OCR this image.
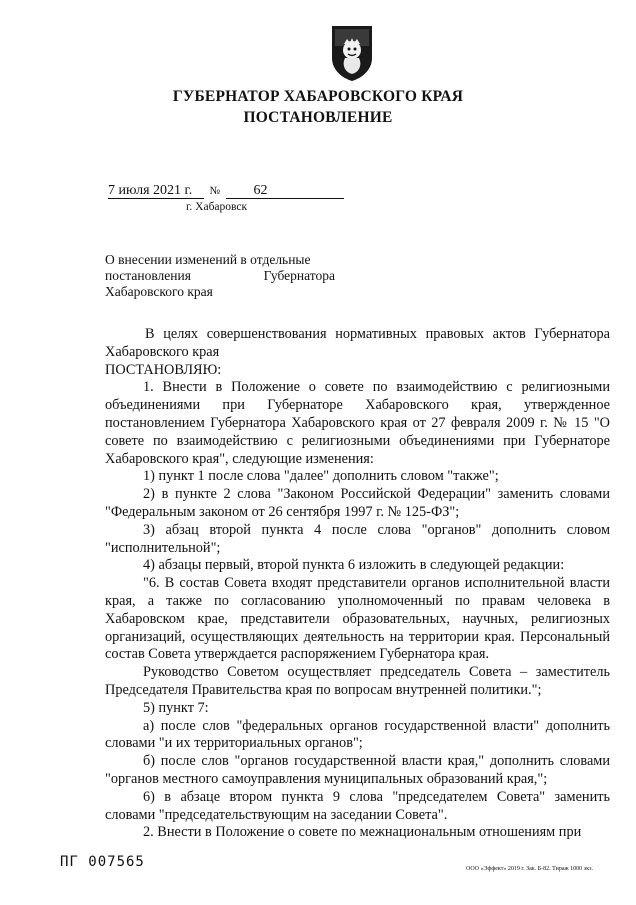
ГУБЕРНАТОР ХАБАРОВСКОГО КРАЯ
ПОСТАНОВЛЕНИЕ
7 июля 2021 г. № 62
г. Хабаровск
О внесении изменений в отдельные
постановления	Губернатора
Хабаровского края

В целях совершенствования нормативных правовых актов Губернатора Хабаровского края

ПОСТАНОВЛЯЮ:

1. Внести в Положение о совете по взаимодействию с религиозными объединениями при Губернаторе Хабаровского края, утвержденное постановлением Губернатора Хабаровского края от 27 февраля 2009 г. № 15 "О совете по взаимодействию с религиозными объединениями при Губернаторе Хабаровского края", следующие изменения:

1) пункт 1 после слова "далее" дополнить словом "также";

2) в пункте 2 слова "Законом Российской Федерации" заменить словами "Федеральным законом от 26 сентября 1997 г. № 125-ФЗ";

3) абзац второй пункта 4 после слова "органов" дополнить словом "исполнительной";

4) абзацы первый, второй пункта 6 изложить в следующей редакции:

"6. В состав Совета входят представители органов исполнительной власти края, а также по согласованию уполномоченный по правам человека в Хабаровском крае, представители образовательных, научных, религиозных организаций, осуществляющих деятельность на территории края. Персональный состав Совета утверждается распоряжением Губернатора края.

Руководство Советом осуществляет председатель Совета – заместитель Председателя Правительства края по вопросам внутренней политики.";

5) пункт 7:

а) после слов "федеральных органов государственной власти" дополнить словами "и их территориальных органов";

б) после слов "органов государственной власти края," дополнить словами "органов местного самоуправления муниципальных образований края,";

6) в абзаце втором пункта 9 слова "председателем Совета" заменить словами "председательствующим на заседании Совета".

2. Внести в Положение о совете по межнациональным отношениям при

ПГ 007565	ООО «Эффект» 2019 г. Зак. Б-82. Тираж 1000 экз.
